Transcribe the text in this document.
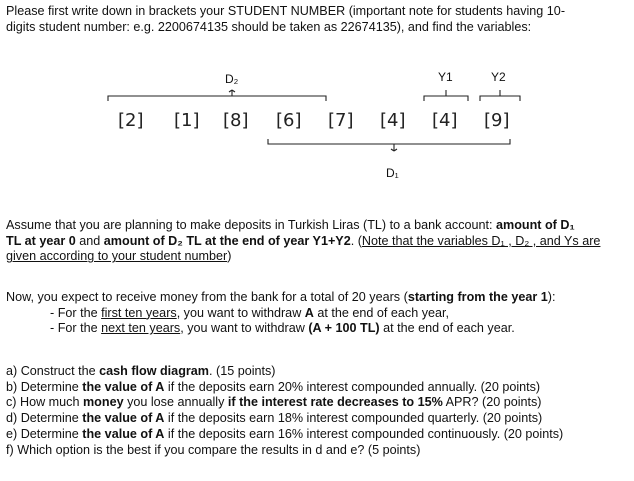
Please first write down in brackets your STUDENT NUMBER (important note for students having 10-
digits student number: e.g. 2200674135 should be taken as 22674135), and find the variables:
D₂	Y1	Y2
D₁
[2] [1] [8] [6] [7] [4] [4] [9]
Assume that you are planning to make deposits in Turkish Liras (TL) to a bank account: amount of D₁
TL at year 0 and amount of D₂ TL at the end of year Y1+Y2. (Note that the variables D₁ , D₂ , and Ys are
given according to your student number)
Now, you expect to receive money from the bank for a total of 20 years (starting from the year 1):
- For the first ten years, you want to withdraw A at the end of each year,
- For the next ten years, you want to withdraw (A + 100 TL) at the end of each year.
a) Construct the cash flow diagram. (15 points)
b) Determine the value of A if the deposits earn 20% interest compounded annually. (20 points)
c) How much money you lose annually if the interest rate decreases to 15% APR? (20 points)
d) Determine the value of A if the deposits earn 18% interest compounded quarterly. (20 points)
e) Determine the value of A if the deposits earn 16% interest compounded continuously. (20 points)
f) Which option is the best if you compare the results in d and e? (5 points)
